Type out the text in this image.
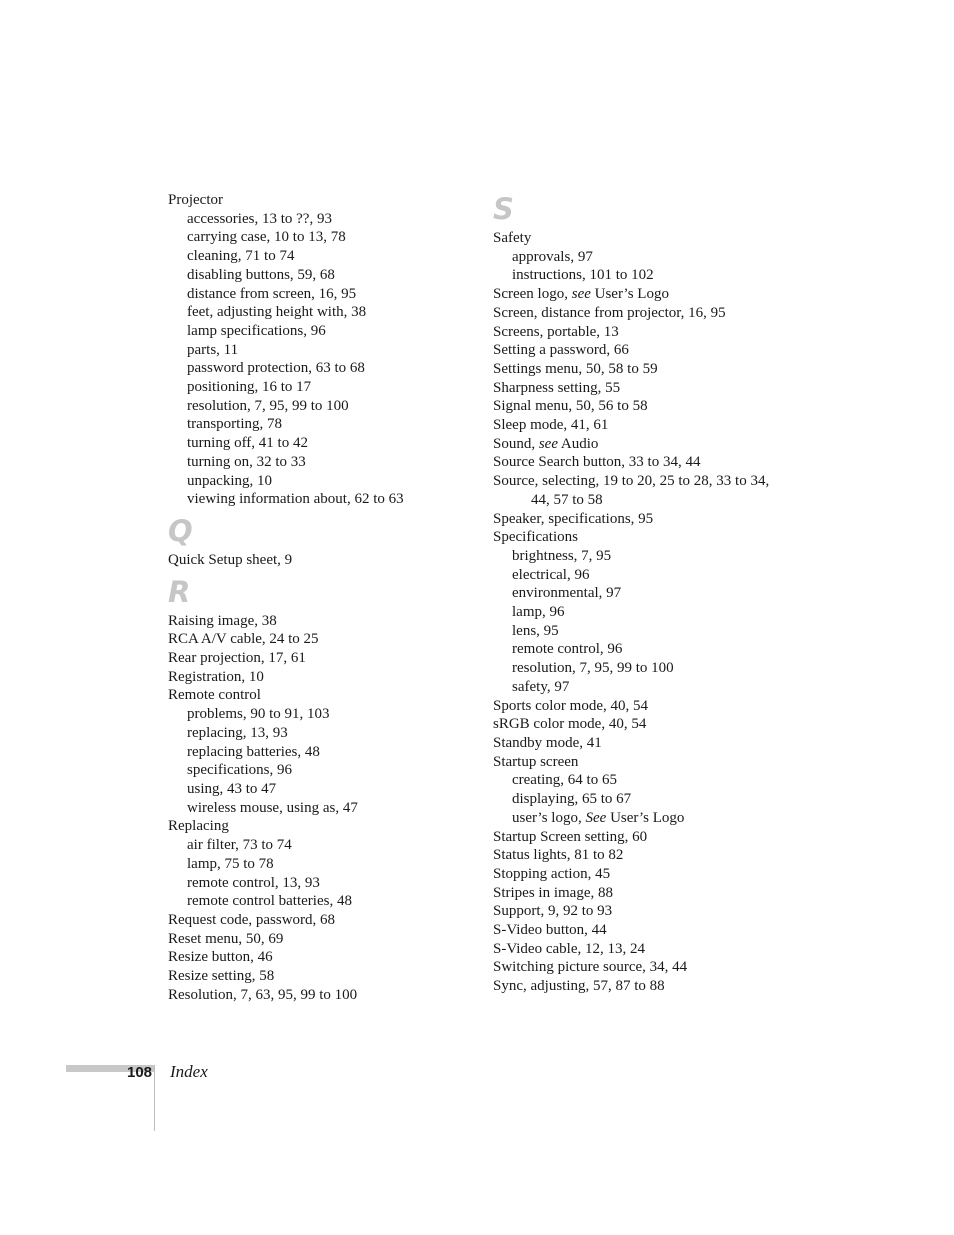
Projector
accessories, 13 to ??, 93
carrying case, 10 to 13, 78
cleaning, 71 to 74
disabling buttons, 59, 68
distance from screen, 16, 95
feet, adjusting height with, 38
lamp specifications, 96
parts, 11
password protection, 63 to 68
positioning, 16 to 17
resolution, 7, 95, 99 to 100
transporting, 78
turning off, 41 to 42
turning on, 32 to 33
unpacking, 10
viewing information about, 62 to 63
Q
Quick Setup sheet, 9
R
Raising image, 38
RCA A/V cable, 24 to 25
Rear projection, 17, 61
Registration, 10
Remote control
problems, 90 to 91, 103
replacing, 13, 93
replacing batteries, 48
specifications, 96
using, 43 to 47
wireless mouse, using as, 47
Replacing
air filter, 73 to 74
lamp, 75 to 78
remote control, 13, 93
remote control batteries, 48
Request code, password, 68
Reset menu, 50, 69
Resize button, 46
Resize setting, 58
Resolution, 7, 63, 95, 99 to 100
S
Safety
approvals, 97
instructions, 101 to 102
Screen logo, see User’s Logo
Screen, distance from projector, 16, 95
Screens, portable, 13
Setting a password, 66
Settings menu, 50, 58 to 59
Sharpness setting, 55
Signal menu, 50, 56 to 58
Sleep mode, 41, 61
Sound, see Audio
Source Search button, 33 to 34, 44
Source, selecting, 19 to 20, 25 to 28, 33 to 34,
44, 57 to 58
Speaker, specifications, 95
Specifications
brightness, 7, 95
electrical, 96
environmental, 97
lamp, 96
lens, 95
remote control, 96
resolution, 7, 95, 99 to 100
safety, 97
Sports color mode, 40, 54
sRGB color mode, 40, 54
Standby mode, 41
Startup screen
creating, 64 to 65
displaying, 65 to 67
user’s logo, See User’s Logo
Startup Screen setting, 60
Status lights, 81 to 82
Stopping action, 45
Stripes in image, 88
Support, 9, 92 to 93
S-Video button, 44
S-Video cable, 12, 13, 24
Switching picture source, 34, 44
Sync, adjusting, 57, 87 to 88
108 Index
